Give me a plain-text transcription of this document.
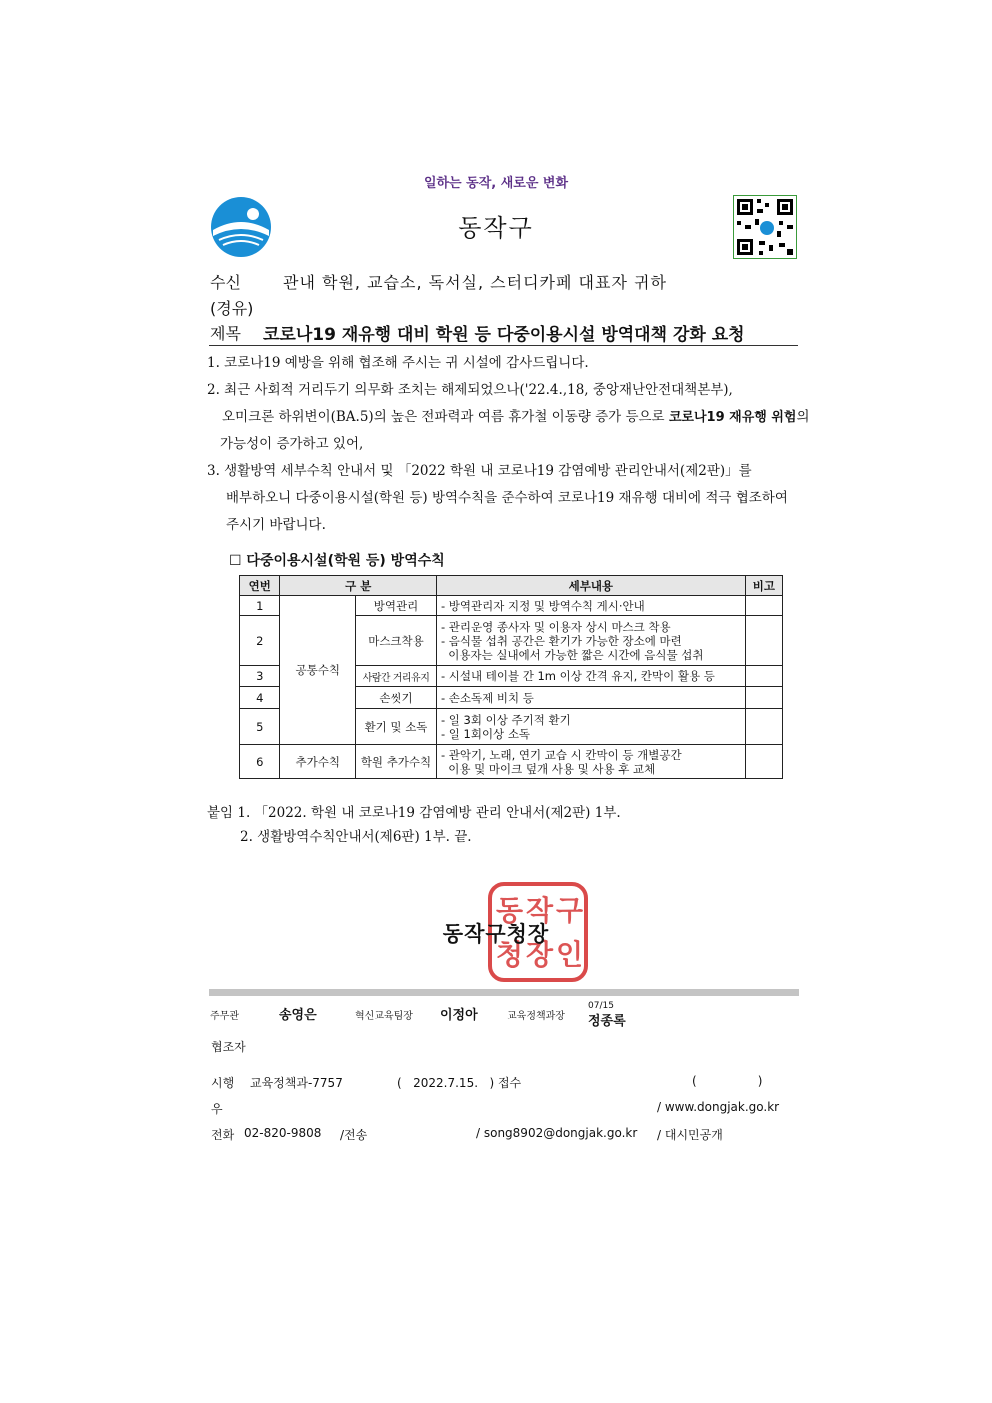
일하는 동작, 새로운 변화
동작구
수신	관내 학원, 교습소, 독서실, 스터디카페 대표자 귀하
(경유)
제목 코로나19 재유행 대비 학원 등 다중이용시설 방역대책 강화 요청
1. 코로나19 예방을 위해 협조해 주시는 귀 시설에 감사드립니다.
2. 최근 사회적 거리두기 의무화 조치는 해제되었으나('22.4.,18, 중앙재난안전대책본부),
오미크론 하위변이(BA.5)의 높은 전파력과 여름 휴가철 이동량 증가 등으로 코로나19 재유행 위험의
가능성이 증가하고 있어,
3. 생활방역 세부수칙 안내서 및 「2022 학원 내 코로나19 감염예방 관리안내서(제2판)」를
배부하오니 다중이용시설(학원 등) 방역수칙을 준수하여 코로나19 재유행 대비에 적극 협조하여
주시기 바랍니다.
☐ 다중이용시설(학원 등) 방역수칙
연번	구 분		세부내용	비고
1	공통수칙	방역관리	- 방역관리자 지정 및 방역수칙 게시·안내	

2		마스크착용	- 관리운영 종사자 및 이용자 상시 마스크 착용
- 음식물 섭취 공간은 환기가 가능한 장소에 마련
이용자는 실내에서 가능한 짧은 시간에 음식물 섭취	

3		사람간 거리유지	- 시설내 테이블 간 1m 이상 간격 유지, 칸막이 활용 등	

4		손씻기	- 손소독제 비치 등	

5		환기 및 소독	- 일 3회 이상 주기적 환기
- 일 1회이상 소독	

6	추가수칙	학원 추가수칙	- 관악기, 노래, 연기 교습 시 칸막이 등 개별공간
이용 및 마이크 덮개 사용 및 사용 후 교체	

붙임 1. 「2022. 학원 내 코로나19 감염예방 관리 안내서(제2판) 1부.
2. 생활방역수칙안내서(제6판) 1부. 끝.
동 작 구
청 장 인
동작구청장
주무관	송영은	혁신교육팀장 이정아	교육정책과장
07/15
정종록
협조자
시행 교육정책과-7757	(   2022.7.15.   ) 접수	(                )
우	/ www.dongjak.go.kr
전화 02-820-9808 /전송	/ song8902@dongjak.go.kr / 대시민공개
